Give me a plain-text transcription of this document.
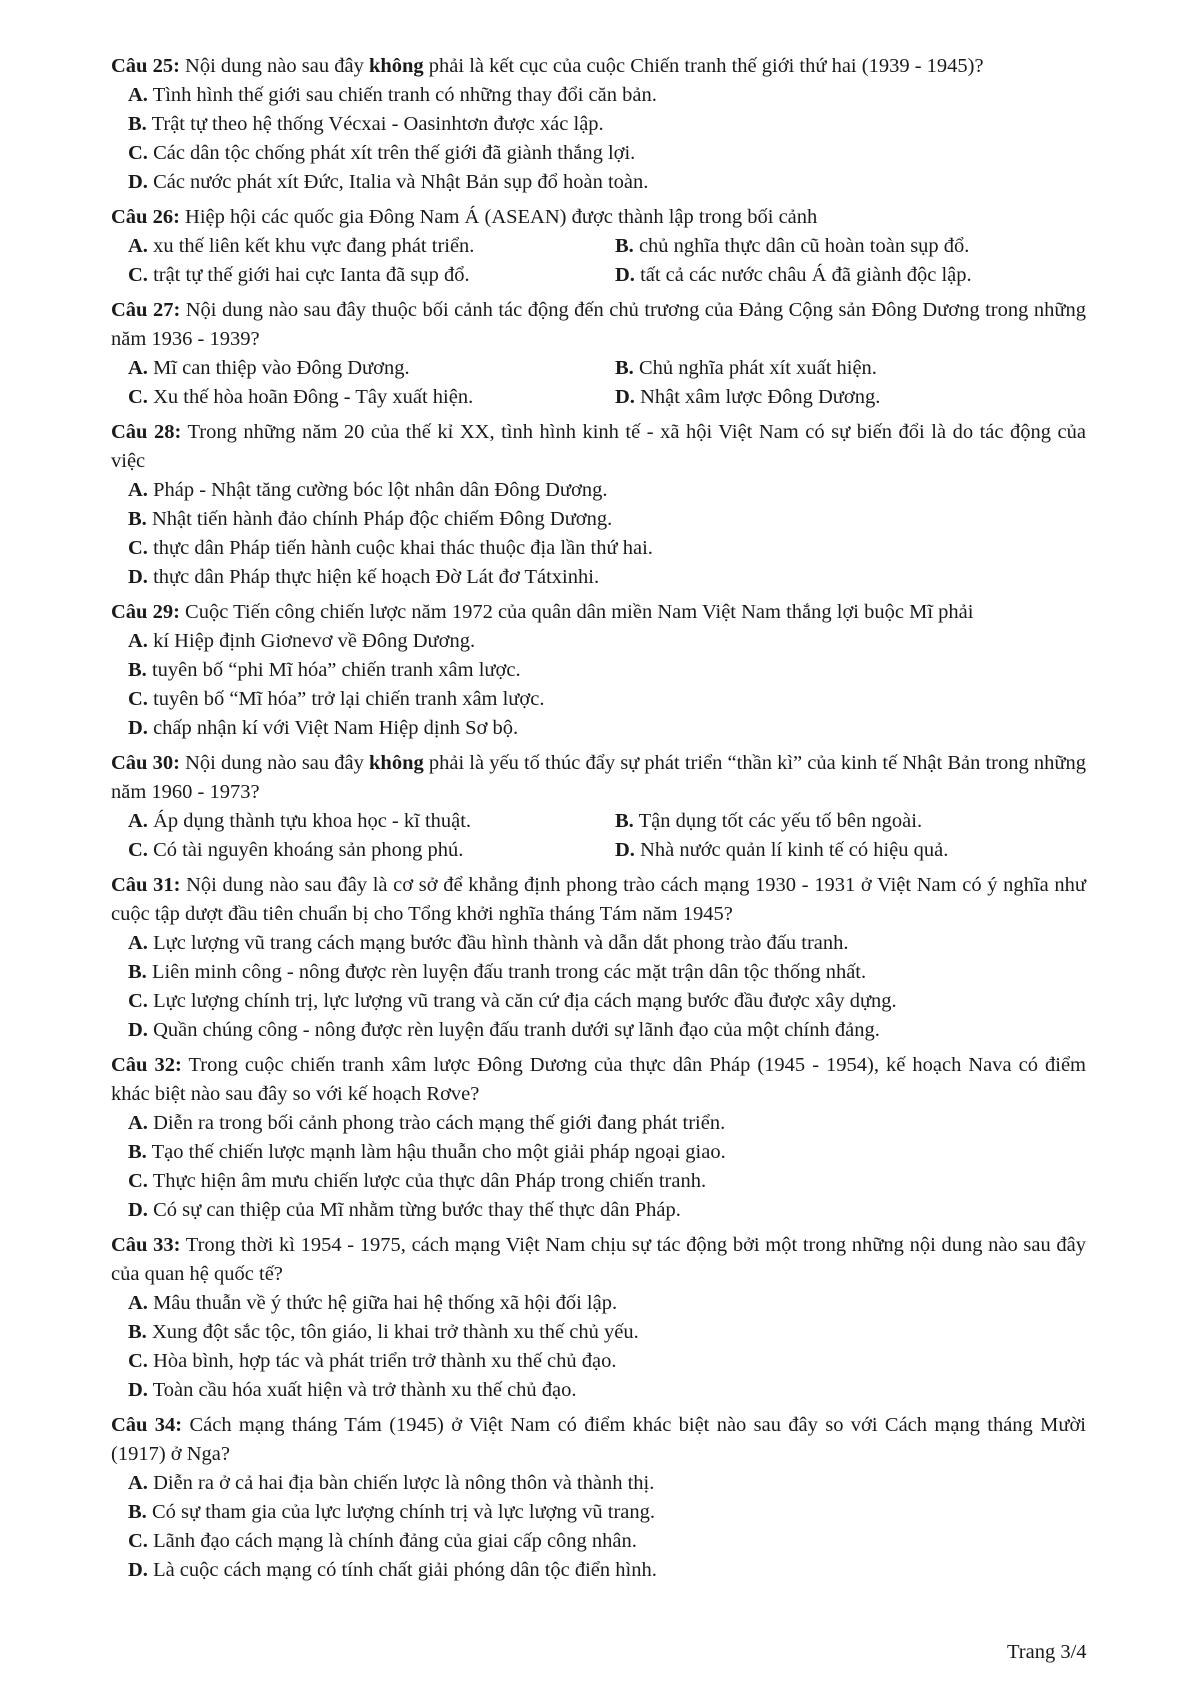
Câu 25: Nội dung nào sau đây không phải là kết cục của cuộc Chiến tranh thế giới thứ hai (1939 - 1945)?
A. Tình hình thế giới sau chiến tranh có những thay đổi căn bản.
B. Trật tự theo hệ thống Vécxai - Oasinhtơn được xác lập.
C. Các dân tộc chống phát xít trên thế giới đã giành thắng lợi.
D. Các nước phát xít Đức, Italia và Nhật Bản sụp đổ hoàn toàn.
Câu 26: Hiệp hội các quốc gia Đông Nam Á (ASEAN) được thành lập trong bối cảnh
A. xu thế liên kết khu vực đang phát triển.	B. chủ nghĩa thực dân cũ hoàn toàn sụp đổ.
C. trật tự thế giới hai cực Ianta đã sụp đổ.	D. tất cả các nước châu Á đã giành độc lập.
Câu 27: Nội dung nào sau đây thuộc bối cảnh tác động đến chủ trương của Đảng Cộng sản Đông Dương trong những năm 1936 - 1939?
A. Mĩ can thiệp vào Đông Dương.	B. Chủ nghĩa phát xít xuất hiện.
C. Xu thế hòa hoãn Đông - Tây xuất hiện.	D. Nhật xâm lược Đông Dương.
Câu 28: Trong những năm 20 của thế kỉ XX, tình hình kinh tế - xã hội Việt Nam có sự biến đổi là do tác động của việc
A. Pháp - Nhật tăng cường bóc lột nhân dân Đông Dương.
B. Nhật tiến hành đảo chính Pháp độc chiếm Đông Dương.
C. thực dân Pháp tiến hành cuộc khai thác thuộc địa lần thứ hai.
D. thực dân Pháp thực hiện kế hoạch Đờ Lát đơ Tátxinhi.
Câu 29: Cuộc Tiến công chiến lược năm 1972 của quân dân miền Nam Việt Nam thắng lợi buộc Mĩ phải
A. kí Hiệp định Giơnevơ về Đông Dương.
B. tuyên bố “phi Mĩ hóa” chiến tranh xâm lược.
C. tuyên bố “Mĩ hóa” trở lại chiến tranh xâm lược.
D. chấp nhận kí với Việt Nam Hiệp dịnh Sơ bộ.
Câu 30: Nội dung nào sau đây không phải là yếu tố thúc đẩy sự phát triển “thần kì” của kinh tế Nhật Bản trong những năm 1960 - 1973?
A. Áp dụng thành tựu khoa học - kĩ thuật.	B. Tận dụng tốt các yếu tố bên ngoài.
C. Có tài nguyên khoáng sản phong phú.	D. Nhà nước quản lí kinh tế có hiệu quả.
Câu 31: Nội dung nào sau đây là cơ sở để khẳng định phong trào cách mạng 1930 - 1931 ở Việt Nam có ý nghĩa như cuộc tập dượt đầu tiên chuẩn bị cho Tổng khởi nghĩa tháng Tám năm 1945?
A. Lực lượng vũ trang cách mạng bước đầu hình thành và dẫn dắt phong trào đấu tranh.
B. Liên minh công - nông được rèn luyện đấu tranh trong các mặt trận dân tộc thống nhất.
C. Lực lượng chính trị, lực lượng vũ trang và căn cứ địa cách mạng bước đầu được xây dựng.
D. Quần chúng công - nông được rèn luyện đấu tranh dưới sự lãnh đạo của một chính đảng.
Câu 32: Trong cuộc chiến tranh xâm lược Đông Dương của thực dân Pháp (1945 - 1954), kế hoạch Nava có điểm khác biệt nào sau đây so với kế hoạch Rơve?
A. Diễn ra trong bối cảnh phong trào cách mạng thế giới đang phát triển.
B. Tạo thế chiến lược mạnh làm hậu thuẫn cho một giải pháp ngoại giao.
C. Thực hiện âm mưu chiến lược của thực dân Pháp trong chiến tranh.
D. Có sự can thiệp của Mĩ nhằm từng bước thay thế thực dân Pháp.
Câu 33: Trong thời kì 1954 - 1975, cách mạng Việt Nam chịu sự tác động bởi một trong những nội dung nào sau đây của quan hệ quốc tế?
A. Mâu thuẫn về ý thức hệ giữa hai hệ thống xã hội đối lập.
B. Xung đột sắc tộc, tôn giáo, li khai trở thành xu thế chủ yếu.
C. Hòa bình, hợp tác và phát triển trở thành xu thế chủ đạo.
D. Toàn cầu hóa xuất hiện và trở thành xu thế chủ đạo.
Câu 34: Cách mạng tháng Tám (1945) ở Việt Nam có điểm khác biệt nào sau đây so với Cách mạng tháng Mười (1917) ở Nga?
A. Diễn ra ở cả hai địa bàn chiến lược là nông thôn và thành thị.
B. Có sự tham gia của lực lượng chính trị và lực lượng vũ trang.
C. Lãnh đạo cách mạng là chính đảng của giai cấp công nhân.
D. Là cuộc cách mạng có tính chất giải phóng dân tộc điển hình.
Trang 3/4
